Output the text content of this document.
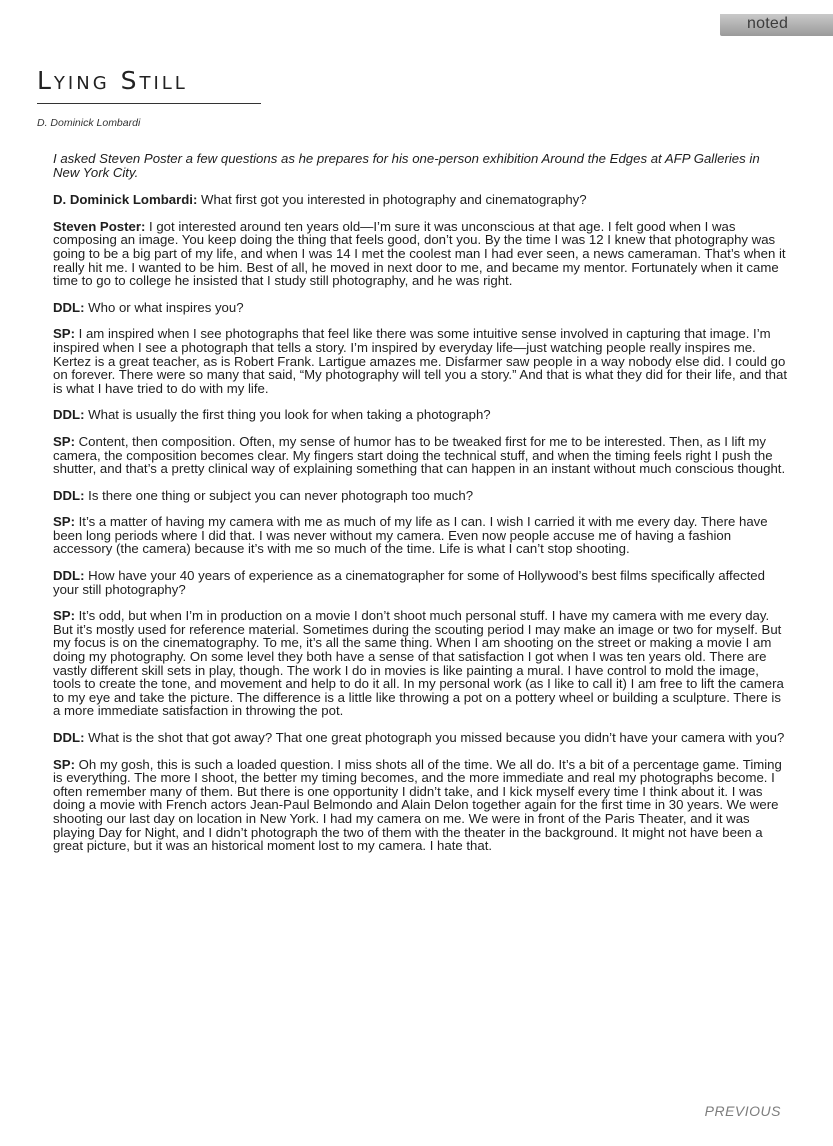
noted
Lying Still
D. Dominick Lombardi

I asked Steven Poster a few questions as he prepares for his one-person exhibition Around the Edges at AFP Galleries in New York City.

D. Dominick Lombardi: What first got you interested in photography and cinematography?

Steven Poster: I got interested around ten years old—I’m sure it was unconscious at that age. I felt good when I was composing an image. You keep doing the thing that feels good, don’t you. By the time I was 12 I knew that photography was going to be a big part of my life, and when I was 14 I met the coolest man I had ever seen, a news cameraman. That’s when it really hit me. I wanted to be him. Best of all, he moved in next door to me, and became my mentor. Fortunately when it came time to go to college he insisted that I study still photography, and he was right.

DDL: Who or what inspires you?

SP: I am inspired when I see photographs that feel like there was some intuitive sense involved in capturing that image. I’m inspired when I see a photograph that tells a story. I’m inspired by everyday life—just watching people really inspires me. Kertez is a great teacher, as is Robert Frank. Lartigue amazes me. Disfarmer saw people in a way nobody else did. I could go on forever. There were so many that said, “My photography will tell you a story.” And that is what they did for their life, and that is what I have tried to do with my life.

DDL: What is usually the first thing you look for when taking a photograph?

SP: Content, then composition. Often, my sense of humor has to be tweaked first for me to be interested. Then, as I lift my camera, the composition becomes clear. My fingers start doing the technical stuff, and when the timing feels right I push the shutter, and that’s a pretty clinical way of explaining something that can happen in an instant without much conscious thought.

DDL: Is there one thing or subject you can never photograph too much?

SP: It’s a matter of having my camera with me as much of my life as I can. I wish I carried it with me every day. There have been long periods where I did that. I was never without my camera. Even now people accuse me of having a fashion accessory (the camera) because it’s with me so much of the time. Life is what I can’t stop shooting.

DDL: How have your 40 years of experience as a cinematographer for some of Hollywood’s best films specifically affected your still photography?

SP: It’s odd, but when I’m in production on a movie I don’t shoot much personal stuff. I have my camera with me every day. But it’s mostly used for reference material. Sometimes during the scouting period I may make an image or two for myself. But my focus is on the cinematography. To me, it’s all the same thing. When I am shooting on the street or making a movie I am doing my photography. On some level they both have a sense of that satisfaction I got when I was ten years old. There are vastly different skill sets in play, though. The work I do in movies is like painting a mural. I have control to mold the image, tools to create the tone, and movement and help to do it all. In my personal work (as I like to call it) I am free to lift the camera to my eye and take the picture. The difference is a little like throwing a pot on a pottery wheel or building a sculpture. There is a more immediate satisfaction in throwing the pot.

DDL: What is the shot that got away? That one great photograph you missed because you didn’t have your camera with you?

SP: Oh my gosh, this is such a loaded question. I miss shots all of the time. We all do. It’s a bit of a percentage game. Timing is everything. The more I shoot, the better my timing becomes, and the more immediate and real my photographs become. I often remember many of them. But there is one opportunity I didn’t take, and I kick myself every time I think about it. I was doing a movie with French actors Jean-Paul Belmondo and Alain Delon together again for the first time in 30 years. We were shooting our last day on location in New York. I had my camera on me. We were in front of the Paris Theater, and it was playing Day for Night, and I didn’t photograph the two of them with the theater in the background. It might not have been a great picture, but it was an historical moment lost to my camera. I hate that.

PREVIOUS
